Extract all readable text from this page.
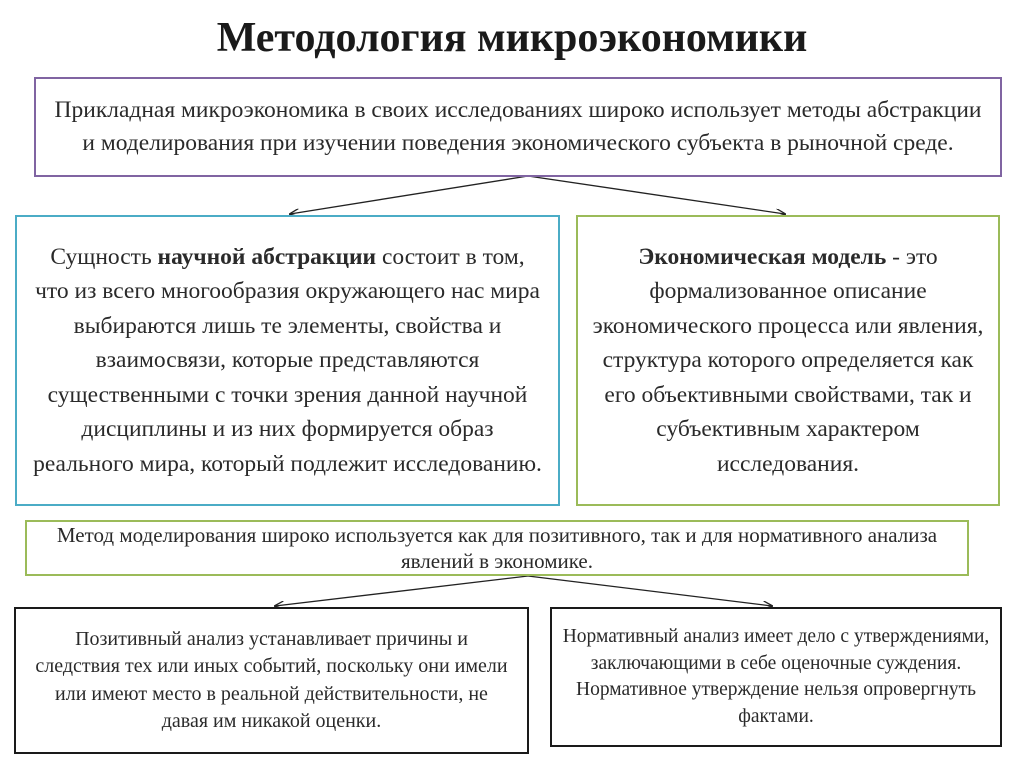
Методология микроэкономики

Прикладная микроэкономика в своих исследованиях широко использует методы абстракции и моделирования при изучении поведения экономического субъекта в рыночной среде.

Сущность научной абстракции состоит в том, что из всего многообразия окружающего нас мира выбираются лишь те элементы, свойства и взаимосвязи, которые представляются существенными с точки зрения данной научной дисциплины и из них формируется образ реального мира, который подлежит исследованию.

Экономическая модель - это формализованное описание экономического процесса или явления, структура которого определяется как его объективными свойствами, так и субъективным характером исследования.

Метод моделирования широко используется как для позитивного, так и для нормативного анализа явлений в экономике.

Позитивный анализ устанавливает причины и следствия тех или иных событий, поскольку они имели или имеют место в реальной действительности, не давая им никакой оценки.

Нормативный анализ имеет дело с утверждениями, заключающими в себе оценочные суждения. Нормативное утверждение нельзя опровергнуть фактами.
